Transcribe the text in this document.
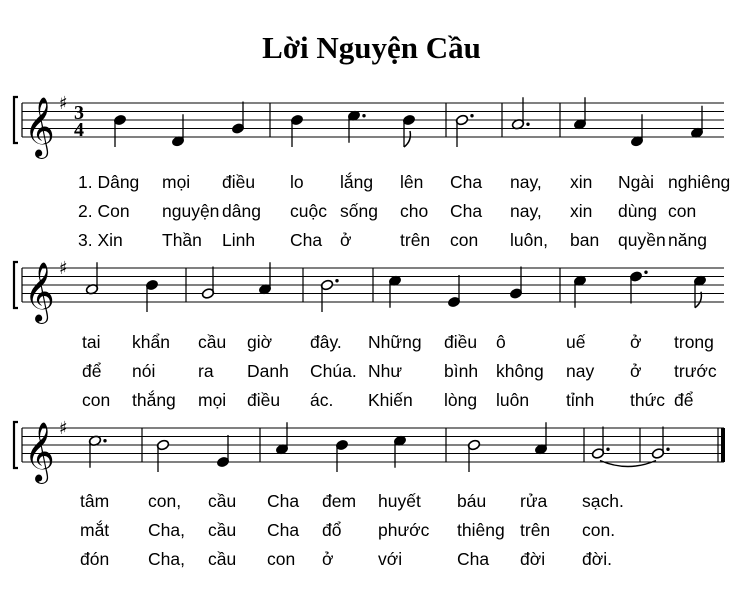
Lời Nguyện Cầu
𝄞 ♯ 3
4
1. Dâng mọi điều lo lắng lên Cha nay, xin Ngài nghiêng
2. Con nguyện dâng cuộc sống cho Cha nay, xin dùng con
3. Xin Thần Linh Cha ở	trên con luôn, ban quyền năng
𝄞 ♯
tai khẩn cầu giờ đây. Những điều ô	uế	ở trong
để nói ra Danh Chúa. Như bình không nay ở trước
con thắng mọi điều ác. Khiến lòng luôn tỉnh thức để
𝄞 ♯
tâm con, cầu Cha đem huyết báu rửa sạch.
mắt Cha, cầu Cha đổ phước thiêng trên con.
đón Cha, cầu con ở	với	Cha đời đời.
